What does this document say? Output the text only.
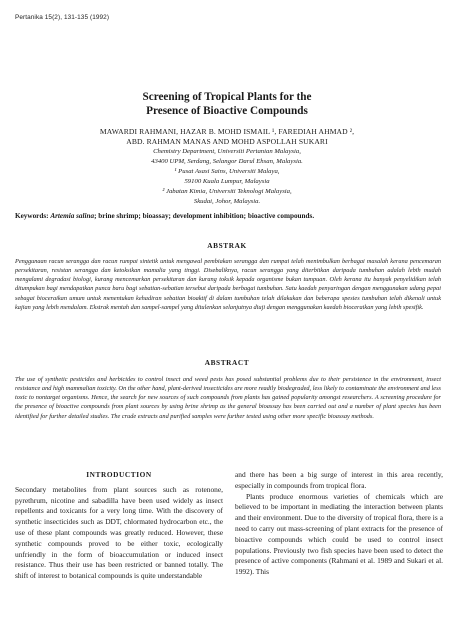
Pertanika 15(2), 131-135 (1992)
Screening of Tropical Plants for the
Presence of Bioactive Compounds
MAWARDI RAHMANI, HAZAR B. MOHD ISMAIL ¹, FAREDIAH AHMAD ²,
ABD. RAHMAN MANAS AND MOHD ASPOLLAH SUKARI
Chemistry Department, Universiti Pertanian Malaysia,
43400 UPM, Serdang, Selangor Darul Ehsan, Malaysia.
¹ Pusat Asasi Sains, Universiti Malaya,
59100 Kuala Lumpur, Malaysia
² Jabatan Kimia, Universiti Teknologi Malaysia,
Skudai, Johor, Malaysia.
Keywords: Artemia salina; brine shrimp; bioassay; development inhibition; bioactive compounds.
ABSTRAK
Penggunaan racun serangga dan racun rumpai sintetik untuk mengawal pembiakan serangga dan rumpai telah menimbulkan berbagai masalah kerana pencemaran persekitaran, resistan serangga dan ketoksikan mamalia yang tinggi. Disebaliknya, racun serangga yang diterbitkan daripada tumbuhan adalah lebih mudah mengalami degradasi biologi, kurang mencemarkan persekitaran dan kurang toksik kepada organisme bukan tumpuan. Oleh kerana itu banyak penyelidikan telah ditumpukan bagi mendapatkan punca baru bagi sebatian-sebatian tersebut daripada berbagai tumbuhan. Satu kaedah penyaringan dengan menggunakan udang pepai sebagai bioceraikan umum untuk menentukan kehadiran sebatian bioaktif di dalam tumbuhan telah dilakukan dan beberapa spesies tumbuhan telah dikenali untuk kajian yang lebih mendalam. Ekstrak mentah dan sampel-sampel yang ditulenkan selanjutnya diuji dengan menggunakan kaedah bioceraikan yang lebih spesifik.
ABSTRACT
The use of synthetic pesticides and herbicides to control insect and weed pests has posed substantial problems due to their persistence in the environment, insect resistance and high mammalian toxicity. On the other hand, plant-derived insecticides are more readily biodegraded, less likely to contaminate the environment and less toxic to nontarget organisms. Hence, the search for new sources of such compounds from plants has gained popularity amongst researchers. A screening procedure for the presence of bioactive compounds from plant sources by using brine shrimp as the general bioassay has been carried out and a number of plant species has been identified for further detailed studies. The crude extracts and purified samples were further tested using other more specific bioassay methods.
INTRODUCTION

Secondary metabolites from plant sources such as rotenone, pyrethrum, nicotine and sabadilla have been used widely as insect repellents and toxicants for a very long time. With the discovery of synthetic insecticides such as DDT, chlormated hydrocarbon etc., the use of these plant compounds was greatly reduced. However, these synthetic compounds proved to be either toxic, ecologically unfriendly in the form of bioaccumulation or induced insect resistance. Thus their use has been restricted or banned totally. The shift of interest to botanical compounds is quite understandable

and there has been a big surge of interest in this area recently, especially in compounds from tropical flora.

Plants produce enormous varieties of chemicals which are believed to be important in mediating the interaction between plants and their environment. Due to the diversity of tropical flora, there is a need to carry out mass-screening of plant extracts for the presence of bioactive compounds which could be used to control insect populations. Previously two fish species have been used to detect the presence of active components (Rahmani et al. 1989 and Sukari et al. 1992). This
